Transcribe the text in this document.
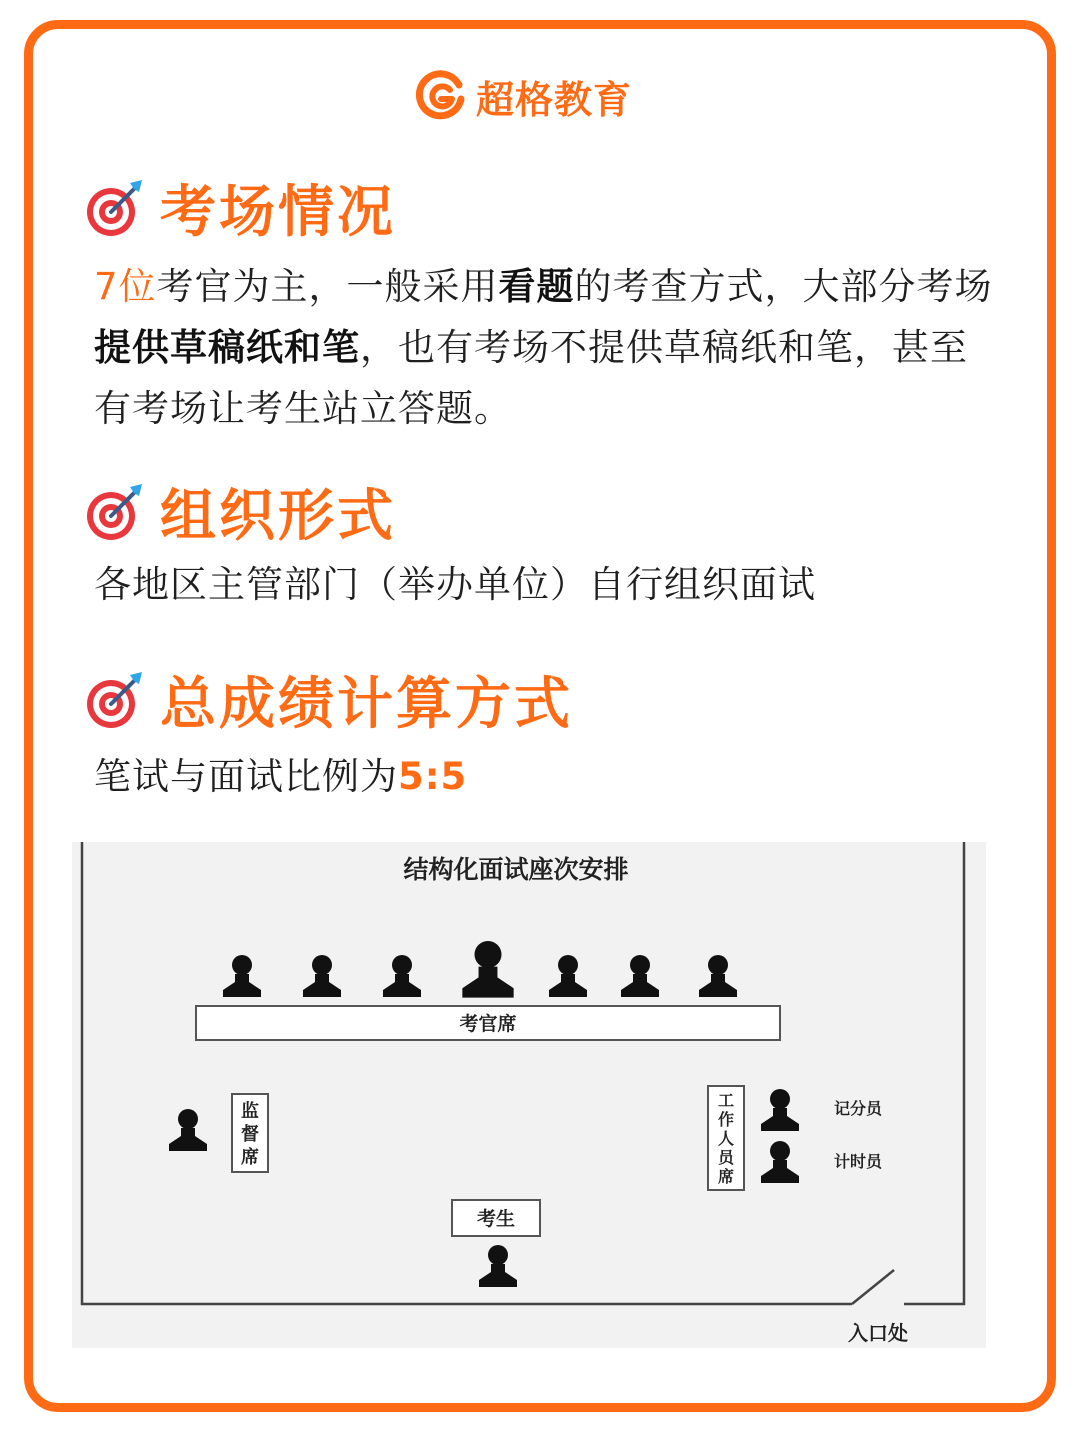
超格教育
考场情况
7位考官为主，一般采用看题的考查方式，大部分考场提供草稿纸和笔，也有考场不提供草稿纸和笔，甚至有考场让考生站立答题。
组织形式
各地区主管部门（举办单位）自行组织面试
总成绩计算方式
笔试与面试比例为5:5
结构化面试座次安排
入口处
考官席
监督席
工作人员席
记分员
计时员
考生
